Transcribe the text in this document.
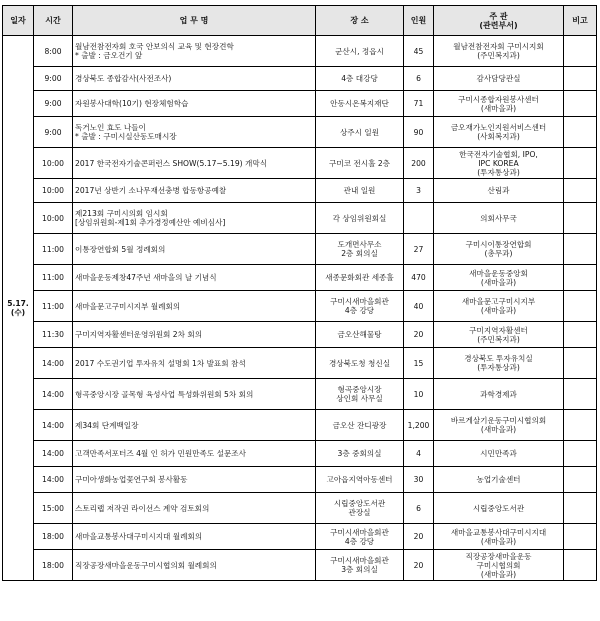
일자	시간	업 무 명	장 소	인원	주 관
(관련부서)	비고
5.17.
(수)	8:00	월남전참전자회 호국 안보의식 교육 및 현장견학
* 출발 : 금오건기 앞	군산시, 정읍시	45	월남전참전자회 구미시지회
(주민복지과)	
	9:00	경상북도 종합감사(사전조사)	4층 대강당	6	감사담당관실	
	9:00	자원봉사대학(10기) 현장체험학습	안동시온복지재단	71	구미시종합자원봉사센터
(새마을과)	
	9:00	독거노인 효도 나들이
* 출발 : 구미시실산동도매시장	상주시 일원	90	금오재가노인지원서비스센터
(사회복지과)	
	10:00	2017 한국전자기술콘퍼런스 SHOW(5.17~5.19) 개막식	구미코 전시홀 2층	200	한국전자기술협회, IPO,
IPC KOREA
(투자통상과)	
	10:00	2017년 상반기 소나무재선충병 합동항공예찰	관내 일원	3	산림과	
	10:00	제213회 구미시의회 임시회
[상임위원회-제1회 추가경정예산안 예비심사]	각 상임위원회실		의회사무국	
	11:00	이통장연합회 5월 정례회의	도개면사무소
2층 회의실	27	구미시이통장연합회
(총무과)	
	11:00	새마을운동제창47주년 새마을의 날 기념식	새종문화회관 세종홀	470	새마을운동중앙회
(새마을과)	
	11:00	새마을문고구미시지부 월례회의	구미시새마을회관
4층 강당	40	새마을문고구미시지부
(새마을과)	
	11:30	구미지역자활센터운영위원회 2차 회의	금오산해물탕	20	구미지역자활센터
(주민복지과)	
	14:00	2017 수도권기업 투자유치 설명회 1차 발표회 참석	경상북도청 청신실	15	경상북도 투자유치실
(투자통상과)	
	14:00	형곡중앙시장 골목형 육성사업 특성화위원회 5차 회의	형곡중앙시장
상인회 사무실	10	과학경제과	
	14:00	제34회 단계백일장	금오산 잔디광장	1,200	바르게살기운동구미시협의회
(새마을과)	
	14:00	고객만족서포터즈 4월 인 허가 민원만족도 설문조사	3층 중회의실	4	시민만족과	
	14:00	구미아생화농업꽃연구회 봉사활동	고아읍지역아동센터	30	농업기술센터	
	15:00	스토리랩 저작권 라이선스 계약 검토회의	시립중앙도서관
관장실	6	시립중앙도서관	
	18:00	새마을교통봉사대구미시지대 월례회의	구미시새마을회관
4층 강당	20	새마을교통봉사대구미시지대
(새마을과)	
	18:00	직장공장새마을운동구미시협의회 월례회의	구미시새마을회관
3층 회의실	20	직장공장새마을운동
구미시협의회
(새마을과)	
